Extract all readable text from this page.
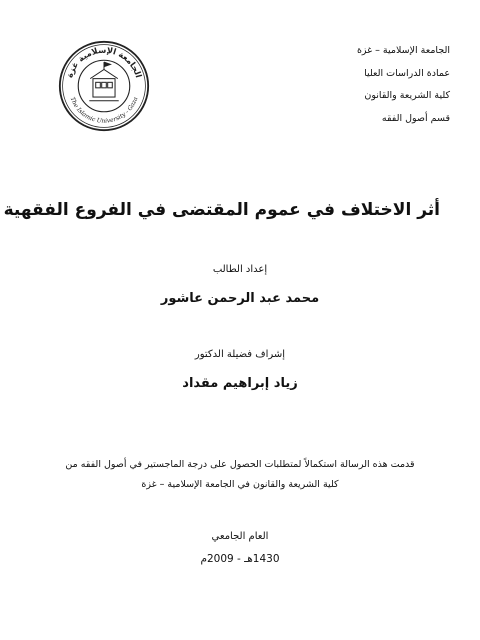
الجامعة الإسلامية غزة
The Islamic University - Gaza
الجامعة الإسلامية – غزة
عمادة الدراسات العليا
كلية الشريعة والقانون
قسم أصول الفقه
أثر الاختلاف في عموم المقتضى في الفروع الفقهية
إعداد الطالب
محمد عبد الرحمن عاشور
إشراف فضيلة الدكتور
زياد إبراهيم مقداد
قدمت هذه الرسالة استكمالاً لمتطلبات الحصول على درجة الماجستير في أصول الفقه من
كلية الشريعة والقانون في الجامعة الإسلامية – غزة
العام الجامعي
1430هـ - 2009م
